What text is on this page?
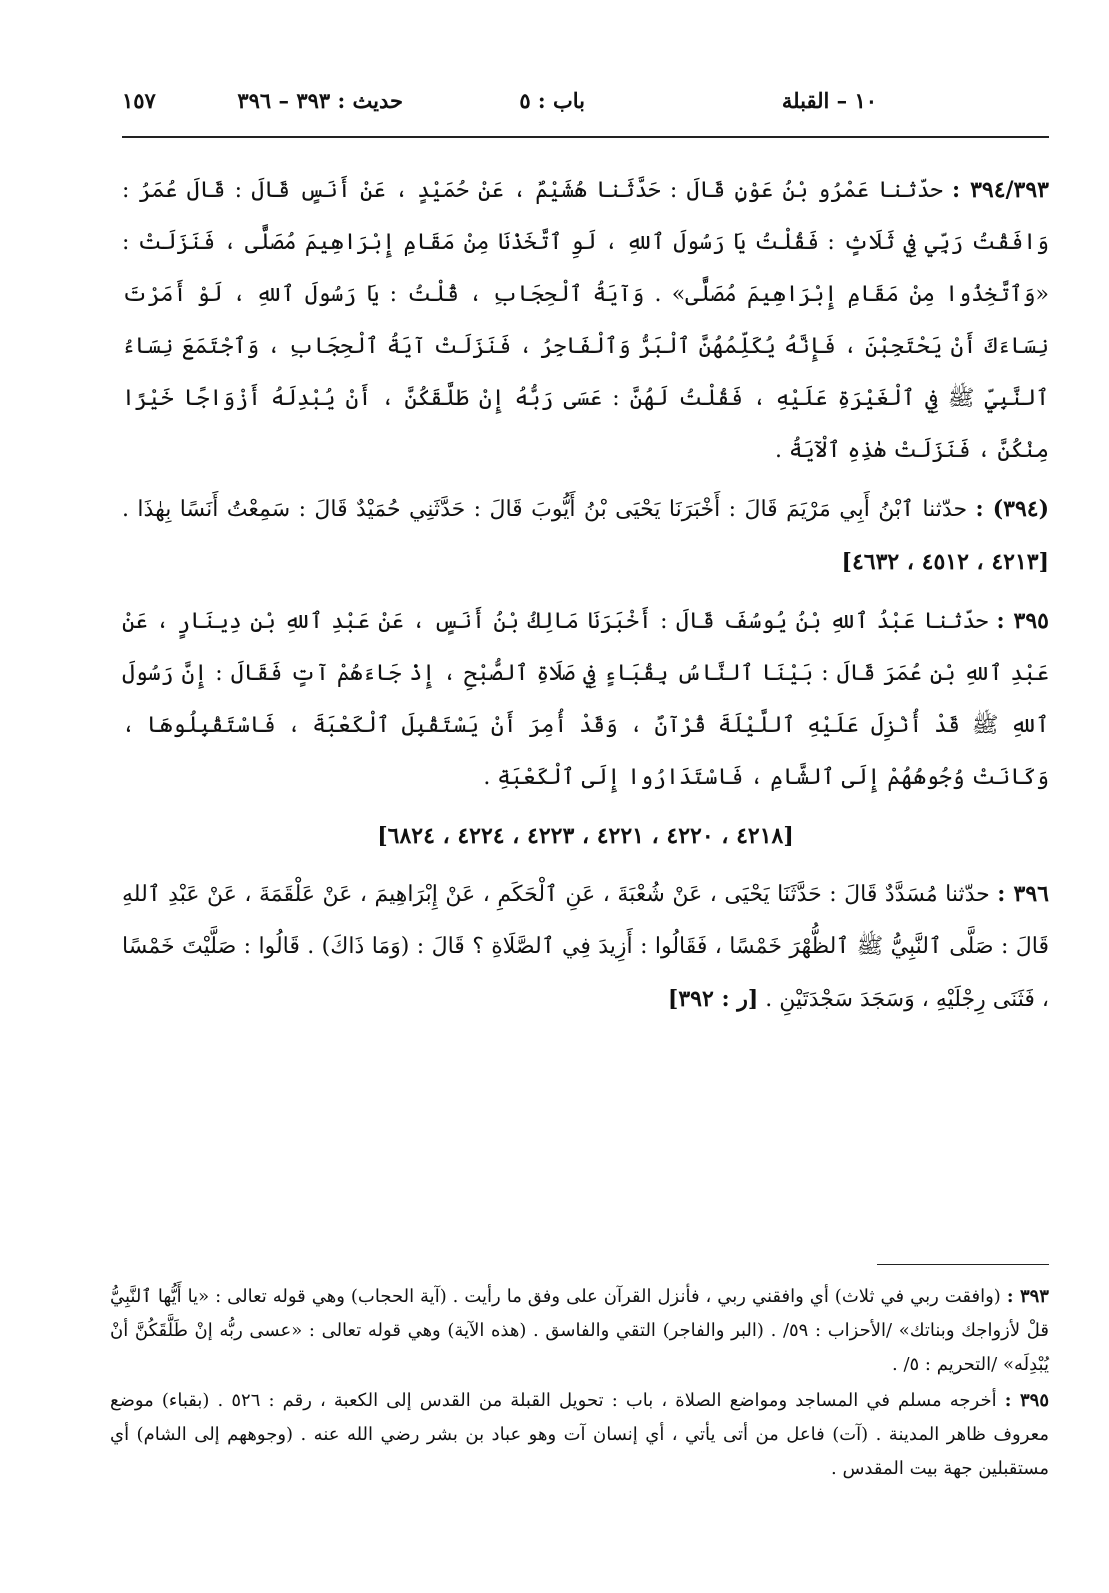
١٠ – القبلة
باب : ٥
حديث : ٣٩٣ – ٣٩٦
١٥٧

٣٩٤/٣٩٣ : حدّثنا عَمْرُو بْنُ عَوْنٍ قَالَ : حَدَّثَنا هُشَيْمٌ ، عَنْ حُمَيْدٍ ، عَنْ أَنَسٍ قَالَ : قَالَ عُمَرُ : وَافَقْتُ رَبِّي فِي ثَلَاثٍ : فَقُلْتُ يَا رَسُولَ ٱللهِ ، لَوِ ٱتَّخَذْنَا مِنْ مَقَامِ إِبْرَاهِيمَ مُصَلًّى ، فَنَزَلَتْ : «وَٱتَّخِذُوا مِنْ مَقَامِ إِبْرَاهِيمَ مُصَلًّى» . وَآيَةُ ٱلْحِجَابِ ، قُلْتُ : يَا رَسُولَ ٱللهِ ، لَوْ أَمَرْتَ نِسَاءَكَ أَنْ يَحْتَجِبْنَ ، فَإِنَّهُ يُكَلِّمُهُنَّ ٱلْبَرُّ وَٱلْفَاجِرُ ، فَنَزَلَتْ آيَةُ ٱلْحِجَابِ ، وَٱجْتَمَعَ نِسَاءُ ٱلنَّبِيِّ ﷺ فِي ٱلْغَيْرَةِ عَلَيْهِ ، فَقُلْتُ لَهُنَّ : عَسَى رَبُّهُ إِنْ طَلَّقَكُنَّ ، أَنْ يُبْدِلَهُ أَزْوَاجًا خَيْرًا مِنْكُنَّ ، فَنَزَلَتْ هٰذِهِ ٱلْآيَةُ .

(٣٩٤) : حدّثنا ٱبْنُ أَبِي مَرْيَمَ قَالَ : أَخْبَرَنَا يَحْيَى بْنُ أَيُّوبَ قَالَ : حَدَّثَنِي حُمَيْدٌ قَالَ : سَمِعْتُ أَنَسًا بِهٰذَا . [٤٢١٣ ، ٤٥١٢ ، ٤٦٣٢]

٣٩٥ : حدّثنا عَبْدُ ٱللهِ بْنُ يُوسُفَ قَالَ : أَخْبَرَنَا مَالِكُ بْنُ أَنَسٍ ، عَنْ عَبْدِ ٱللهِ بْنِ دِينَارٍ ، عَنْ عَبْدِ ٱللهِ بْنِ عُمَرَ قَالَ : بَيْنَا ٱلنَّاسُ بِقُبَاءٍ فِي صَلَاةِ ٱلصُّبْحِ ، إِذْ جَاءَهُمْ آتٍ فَقَالَ : إِنَّ رَسُولَ ٱللهِ ﷺ قَدْ أُنْزِلَ عَلَيْهِ ٱللَّيْلَةَ قُرْآنٌ ، وَقَدْ أُمِرَ أَنْ يَسْتَقْبِلَ ٱلْكَعْبَةَ ، فَاسْتَقْبِلُوهَا ، وَكَانَتْ وُجُوهُهُمْ إِلَى ٱلشَّامِ ، فَاسْتَدَارُوا إِلَى ٱلْكَعْبَةِ .

[٤٢١٨ ، ٤٢٢٠ ، ٤٢٢١ ، ٤٢٢٣ ، ٤٢٢٤ ، ٦٨٢٤]

٣٩٦ : حدّثنا مُسَدَّدٌ قَالَ : حَدَّثَنَا يَحْيَى ، عَنْ شُعْبَةَ ، عَنِ ٱلْحَكَمِ ، عَنْ إِبْرَاهِيمَ ، عَنْ عَلْقَمَةَ ، عَنْ عَبْدِ ٱللهِ قَالَ : صَلَّى ٱلنَّبِيُّ ﷺ ٱلظُّهْرَ خَمْسًا ، فَقَالُوا : أَزِيدَ فِي ٱلصَّلَاةِ ؟ قَالَ : (وَمَا ذَاكَ) . قَالُوا : صَلَّيْتَ خَمْسًا ، فَثَنَى رِجْلَيْهِ ، وَسَجَدَ سَجْدَتَيْنِ . [ر : ٣٩٢]

٣٩٣ : (وافقت ربي في ثلاث) أي وافقني ربي ، فأنزل القرآن على وفق ما رأيت . (آية الحجاب) وهي قوله تعالى : «يا أَيُّها ٱلنَّبِيُّ قلْ لأزواجك وبناتك» /الأحزاب : ٥٩/ . (البر والفاجر) التقي والفاسق . (هذه الآية) وهي قوله تعالى : «عسى ربُّه إنْ طَلَّقَكُنَّ أنْ يُبْدِلَه» /التحريم : ٥/ .

٣٩٥ : أخرجه مسلم في المساجد ومواضع الصلاة ، باب : تحويل القبلة من القدس إلى الكعبة ، رقم : ٥٢٦ . (بقباء) موضع معروف ظاهر المدينة . (آت) فاعل من أتى يأتي ، أي إنسان آت وهو عباد بن بشر رضي الله عنه . (وجوههم إلى الشام) أي مستقبلين جهة بيت المقدس .
